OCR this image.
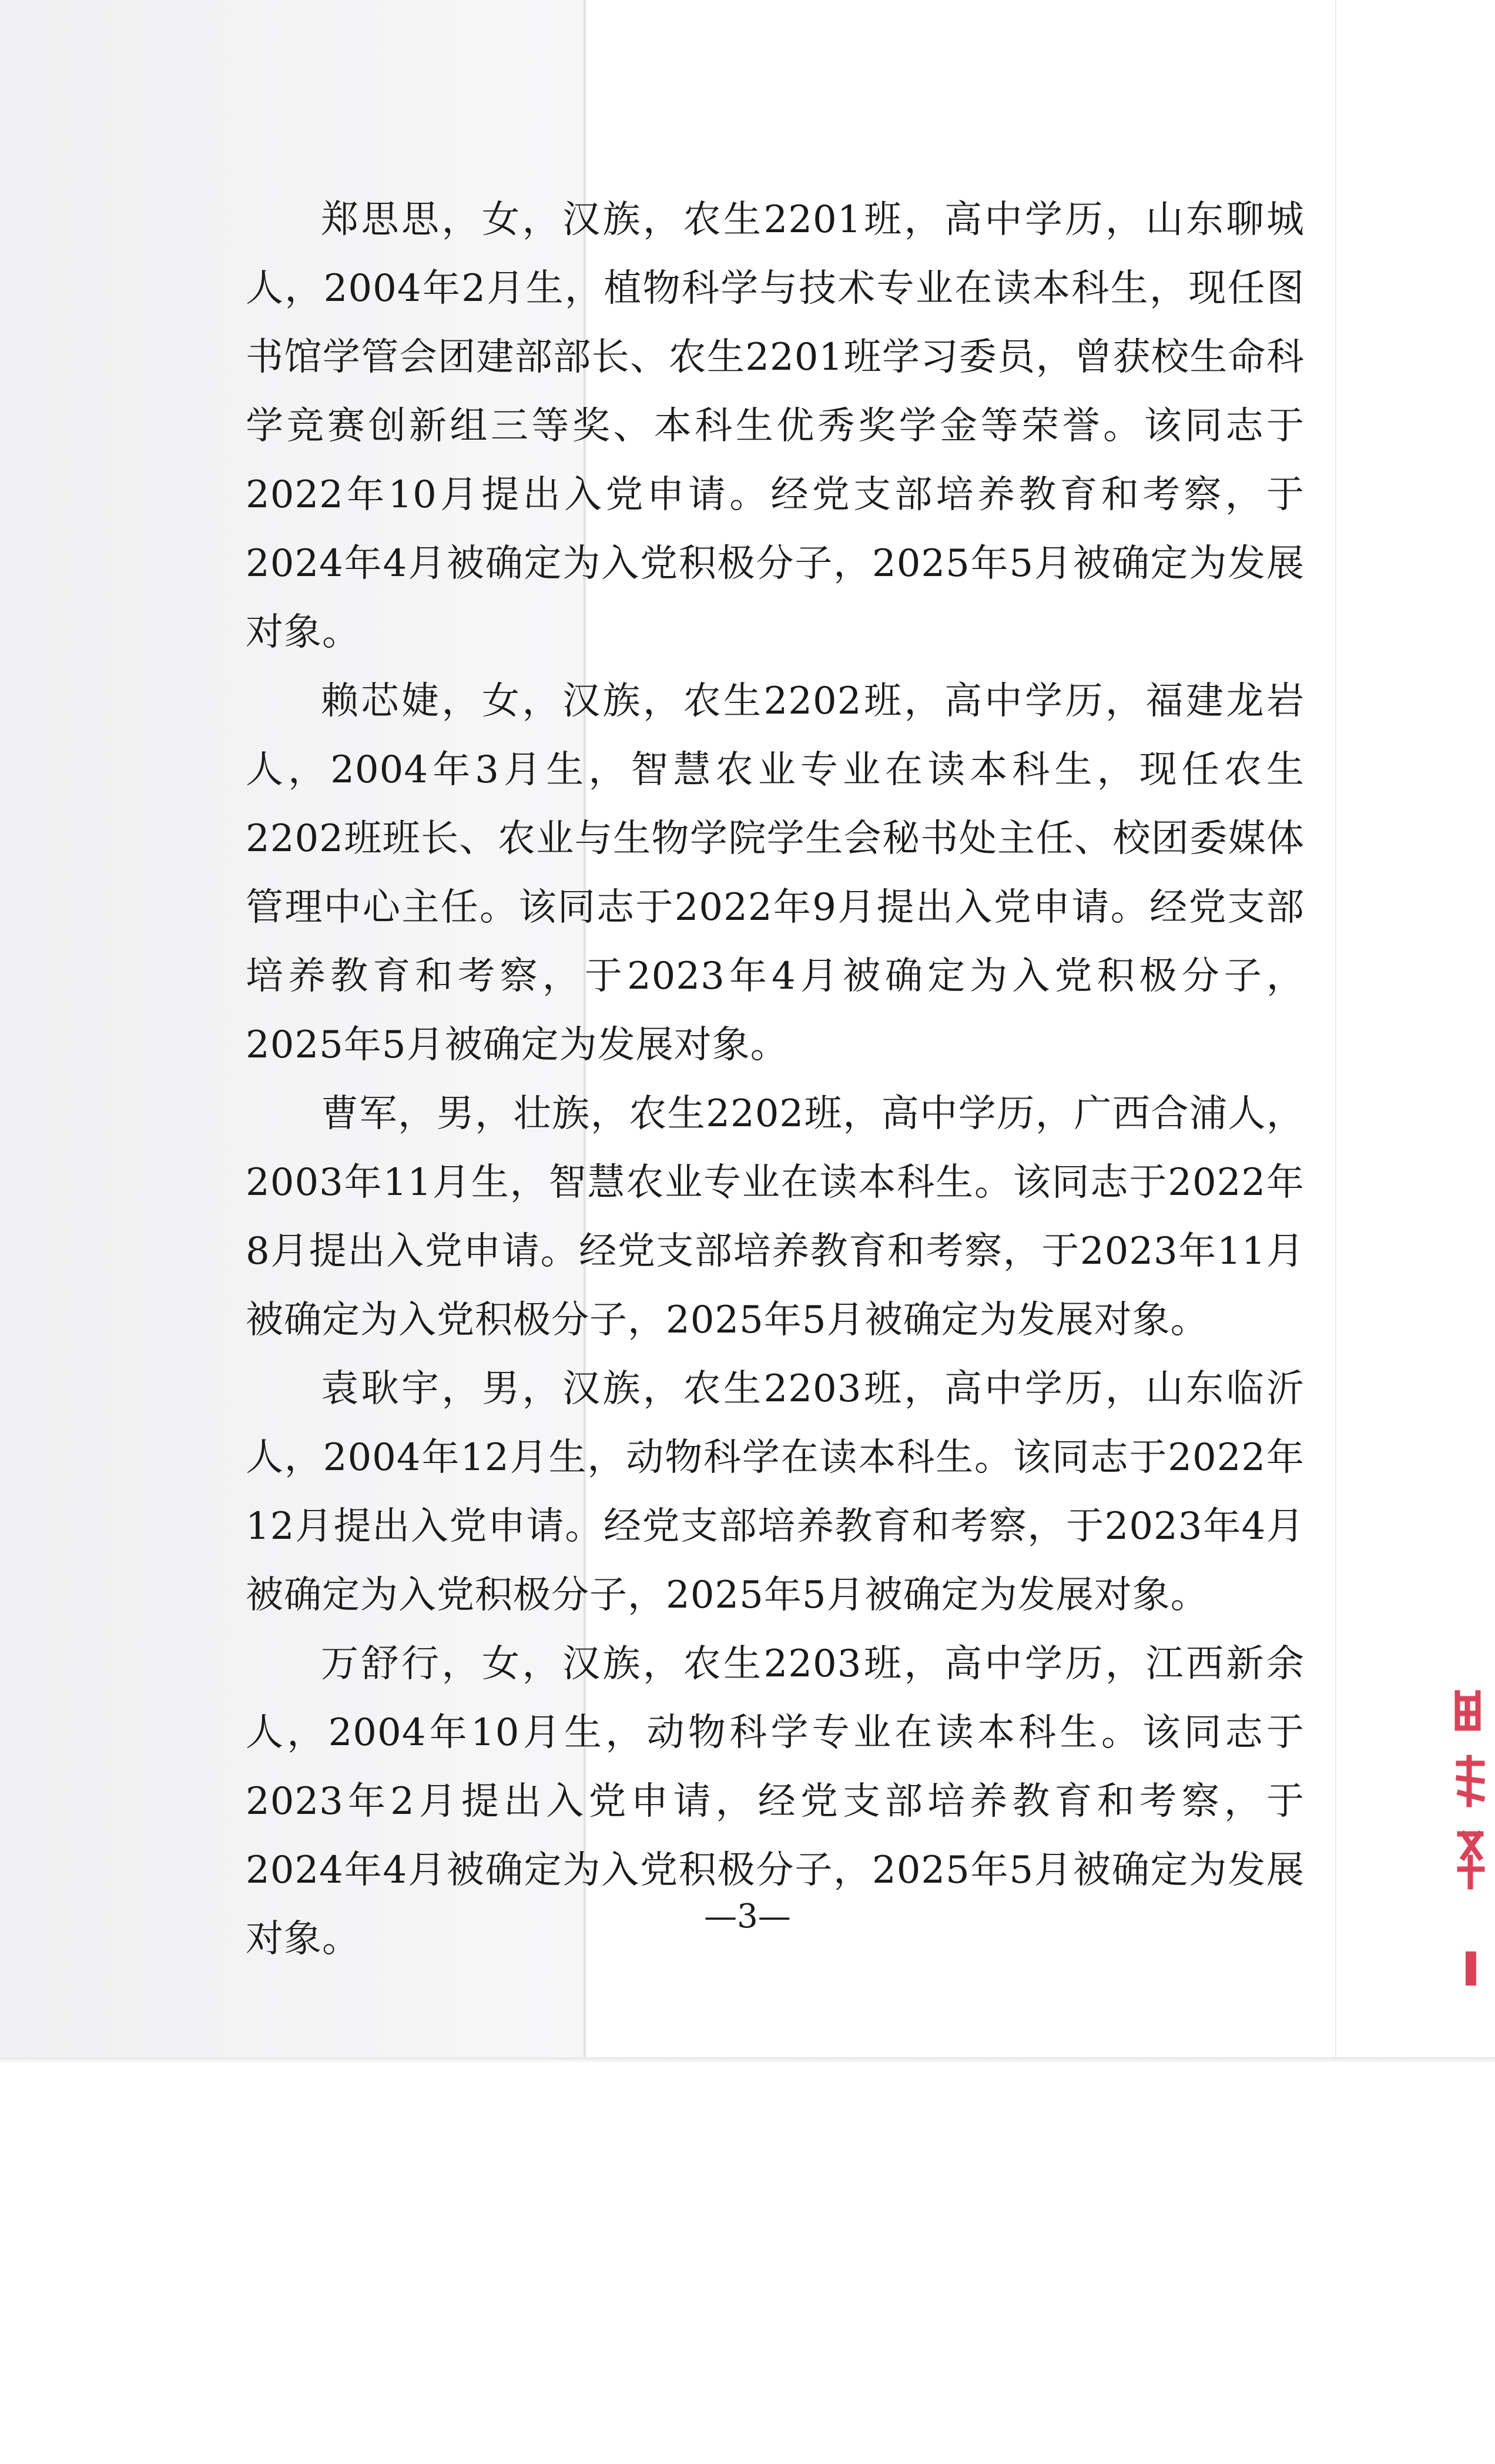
郑思思，女，汉族，农生2201班，高中学历，山东聊城人，2004年2月生，植物科学与技术专业在读本科生，现任图书馆学管会团建部部长、农生2201班学习委员，曾获校生命科学竞赛创新组三等奖、本科生优秀奖学金等荣誉。该同志于2022年10月提出入党申请。经党支部培养教育和考察，于2024年4月被确定为入党积极分子，2025年5月被确定为发展对象。

赖芯婕，女，汉族，农生2202班，高中学历，福建龙岩人，2004年3月生，智慧农业专业在读本科生，现任农生2202班班长、农业与生物学院学生会秘书处主任、校团委媒体管理中心主任。该同志于2022年9月提出入党申请。经党支部培养教育和考察，于2023年4月被确定为入党积极分子，2025年5月被确定为发展对象。

曹军，男，壮族，农生2202班，高中学历，广西合浦人，2003年11月生，智慧农业专业在读本科生。该同志于2022年8月提出入党申请。经党支部培养教育和考察，于2023年11月被确定为入党积极分子，2025年5月被确定为发展对象。

袁耿宇，男，汉族，农生2203班，高中学历，山东临沂人，2004年12月生，动物科学在读本科生。该同志于2022年12月提出入党申请。经党支部培养教育和考察，于2023年4月被确定为入党积极分子，2025年5月被确定为发展对象。

万舒行，女，汉族，农生2203班，高中学历，江西新余人，2004年10月生，动物科学专业在读本科生。该同志于2023年2月提出入党申请，经党支部培养教育和考察，于2024年4月被确定为入党积极分子，2025年5月被确定为发展对象。

—3—
